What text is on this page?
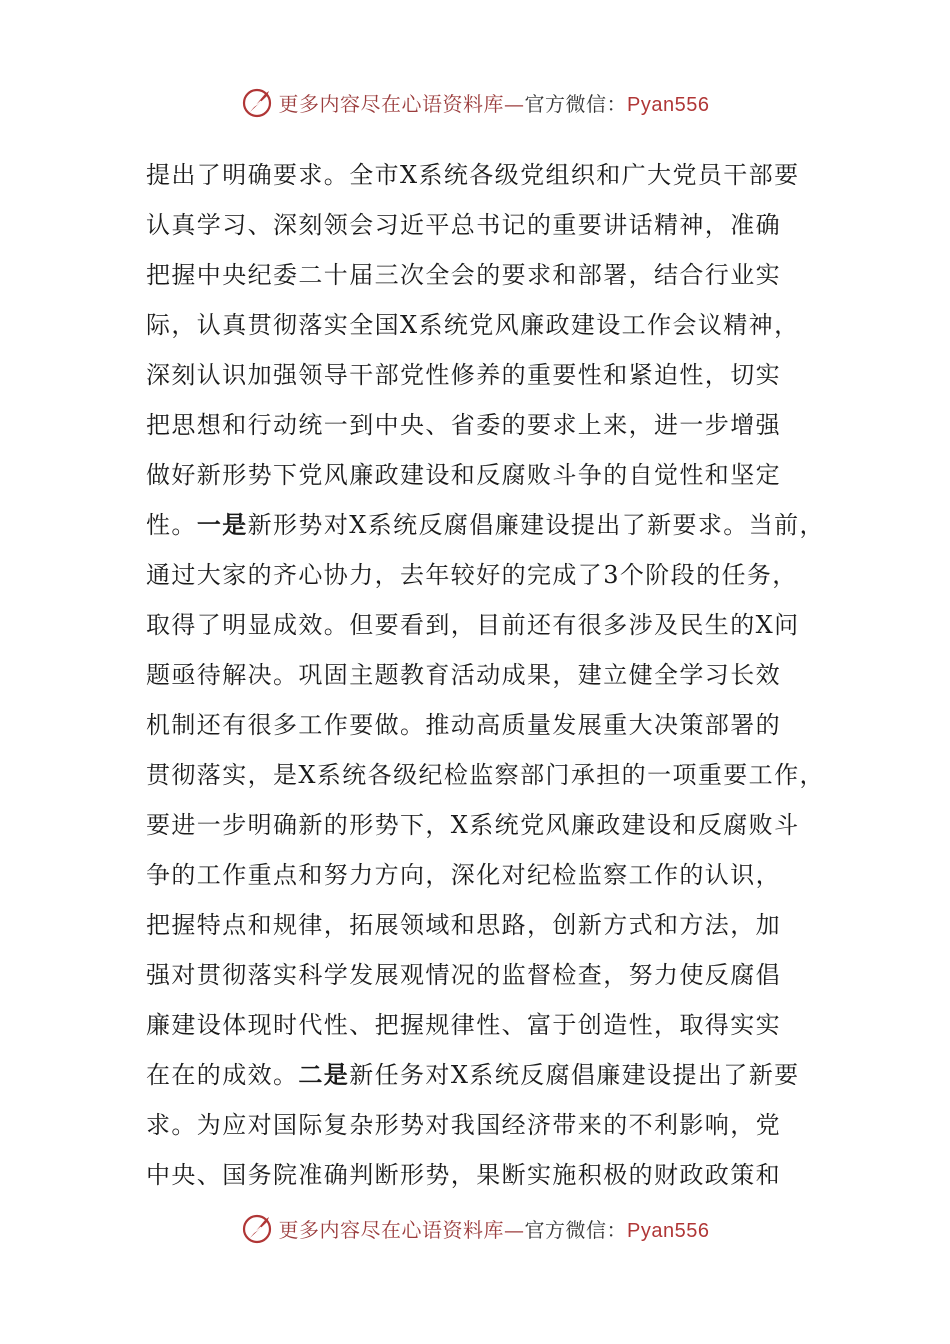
更多内容尽在心语资料库—官方微信：Pyan556
提出了明确要求。全市X系统各级党组织和广大党员干部要
认真学习、深刻领会习近平总书记的重要讲话精神，准确
把握中央纪委二十届三次全会的要求和部署，结合行业实
际，认真贯彻落实全国X系统党风廉政建设工作会议精神，
深刻认识加强领导干部党性修养的重要性和紧迫性，切实
把思想和行动统一到中央、省委的要求上来，进一步增强
做好新形势下党风廉政建设和反腐败斗争的自觉性和坚定
性。一是新形势对X系统反腐倡廉建设提出了新要求。当前，
通过大家的齐心协力，去年较好的完成了3个阶段的任务，
取得了明显成效。但要看到，目前还有很多涉及民生的X问
题亟待解决。巩固主题教育活动成果，建立健全学习长效
机制还有很多工作要做。推动高质量发展重大决策部署的
贯彻落实，是X系统各级纪检监察部门承担的一项重要工作，
要进一步明确新的形势下，X系统党风廉政建设和反腐败斗
争的工作重点和努力方向，深化对纪检监察工作的认识，
把握特点和规律，拓展领域和思路，创新方式和方法，加
强对贯彻落实科学发展观情况的监督检查，努力使反腐倡
廉建设体现时代性、把握规律性、富于创造性，取得实实
在在的成效。二是新任务对X系统反腐倡廉建设提出了新要
求。为应对国际复杂形势对我国经济带来的不利影响，党
中央、国务院准确判断形势，果断实施积极的财政政策和
更多内容尽在心语资料库—官方微信：Pyan556
